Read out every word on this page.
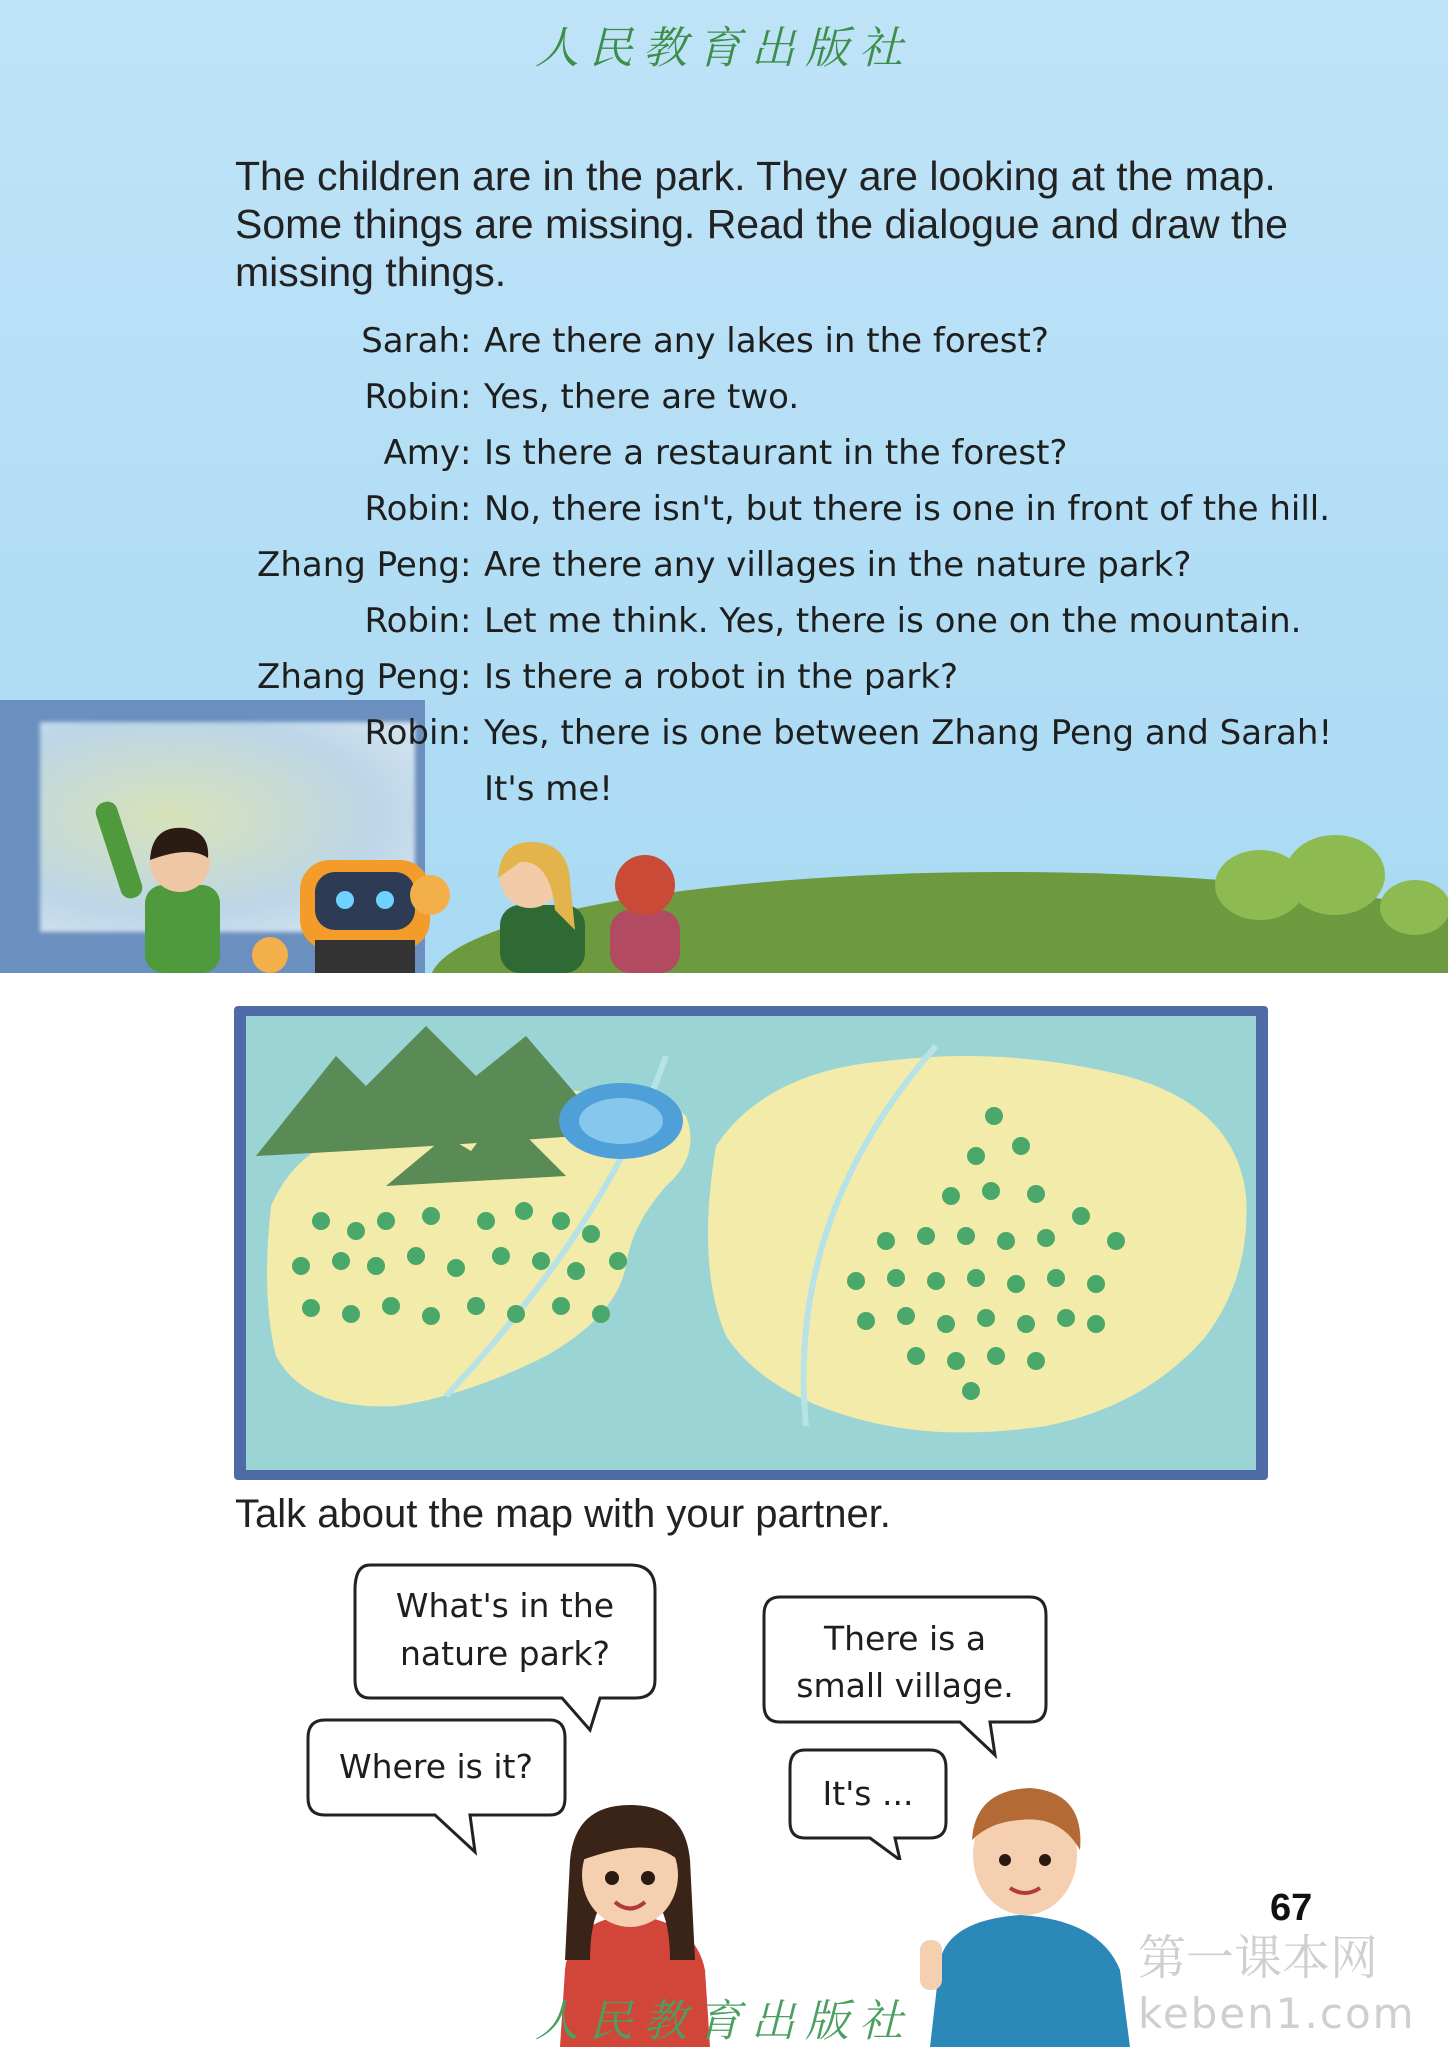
人民教育出版社

The children are in the park. They are looking at the map. Some things are missing. Read the dialogue and draw the missing things.

Sarah : Are there any lakes in the forest?
Robin : Yes, there are two.
Amy : Is there a restaurant in the forest?
Robin : No, there isn't, but there is one in front of the hill.
Zhang Peng : Are there any villages in the nature park?
Robin : Let me think. Yes, there is one on the mountain.
Zhang Peng : Is there a robot in the park?
Robin : Yes, there is one between Zhang Peng and Sarah!
It's me!
Talk about the map with your partner.
What's in the
nature park?
Where is it?
There is a
small village.
It's ...
67
人民教育出版社
第一课本网
keben1.com
